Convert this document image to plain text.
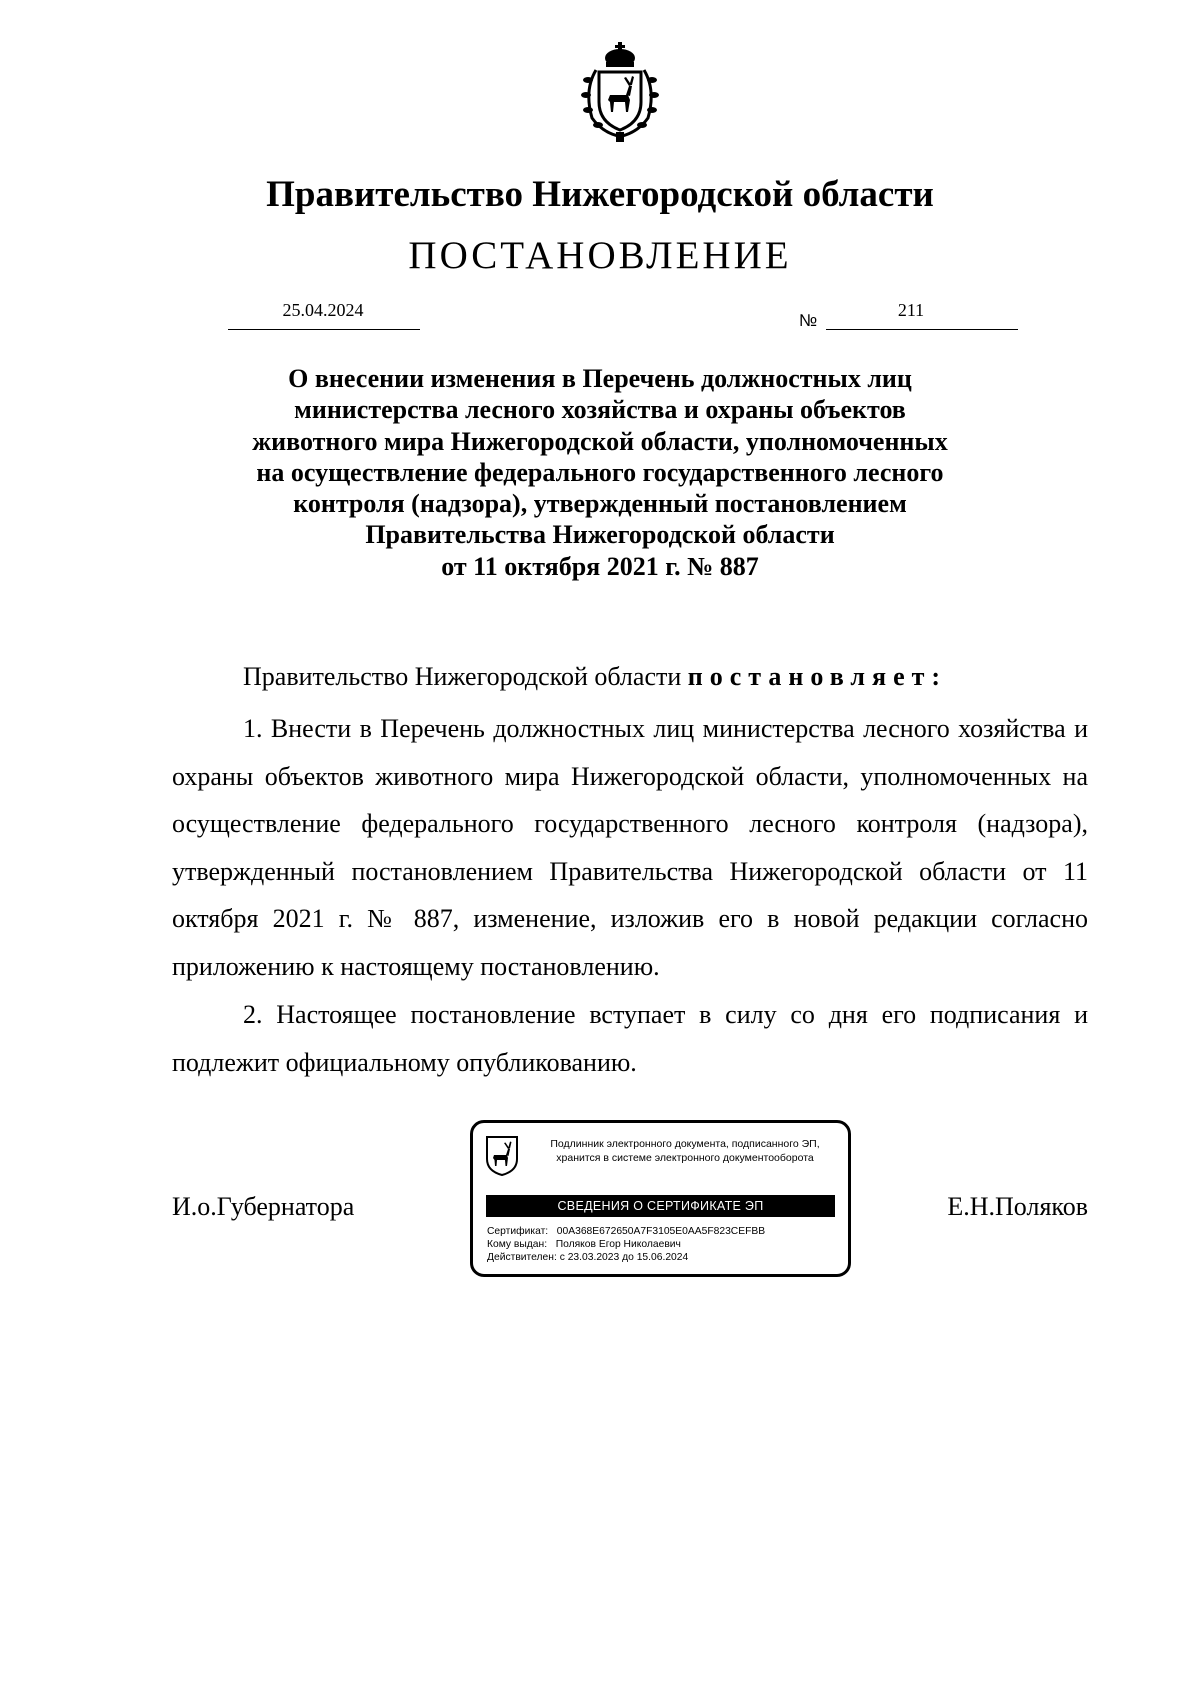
Правительство Нижегородской области
ПОСТАНОВЛЕНИЕ
25.04.2024
№
211
О внесении изменения в Перечень должностных лиц
министерства лесного хозяйства и охраны объектов
животного мира Нижегородской области, уполномоченных
на осуществление федерального государственного лесного
контроля (надзора), утвержденный постановлением
Правительства Нижегородской области
от 11 октября 2021 г. № 887
Правительство Нижегородской области постановляет:
1. Внести в Перечень должностных лиц министерства лесного хозяйства и охраны объектов животного мира Нижегородской области, уполномоченных на осуществление федерального государственного лесного контроля (надзора), утвержденный постановлением Правительства Нижегородской области от 11 октября 2021 г. № 887, изменение, изложив его в новой редакции согласно приложению к настоящему постановлению.
2. Настоящее постановление вступает в силу со дня его подписания и подлежит официальному опубликованию.
И.о.Губернатора	Е.Н.Поляков
Подлинник электронного документа, подписанного ЭП,
хранится в системе электронного документооборота
СВЕДЕНИЯ О СЕРТИФИКАТЕ ЭП
Сертификат: 00A368E672650A7F3105E0AA5F823CEFBB
Кому выдан: Поляков Егор Николаевич
Действителен: с 23.03.2023 до 15.06.2024
